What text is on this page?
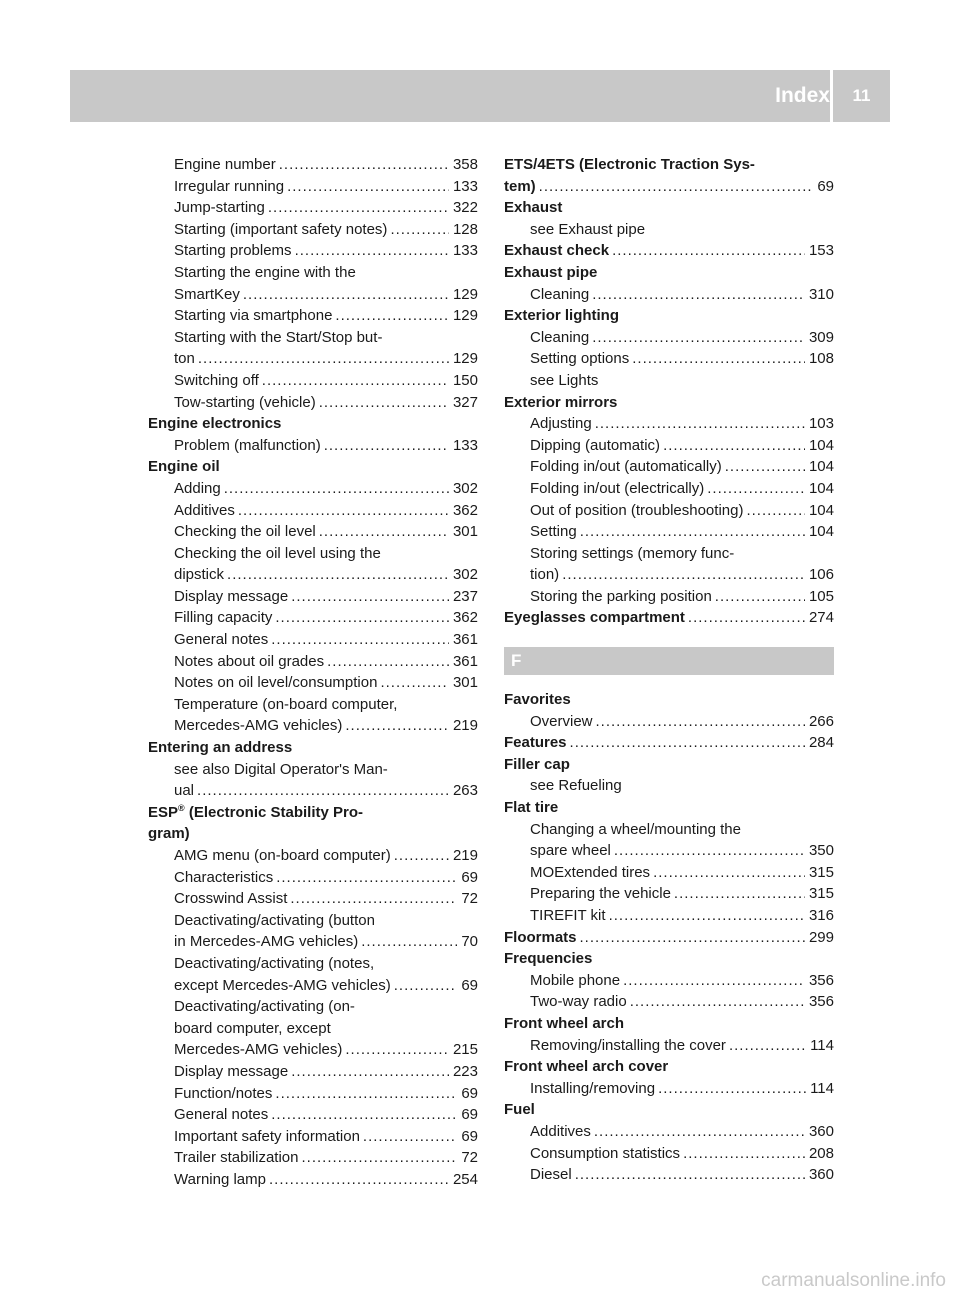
Index	11
Engine number .....	358
Irregular running .....	133
Jump-starting .....	322
Starting (important safety notes) .....	128
Starting problems .....	133
Starting the engine with the
SmartKey .....	129
Starting via smartphone .....	129
Starting with the Start/Stop but-
ton .....	129
Switching off .....	150
Tow-starting (vehicle) .....	327
Engine electronics
Problem (malfunction) .....	133
Engine oil
Adding .....	302
Additives .....	362
Checking the oil level .....	301
Checking the oil level using the
dipstick .....	302
Display message .....	237
Filling capacity .....	362
General notes .....	361
Notes about oil grades .....	361
Notes on oil level/consumption .....	301
Temperature (on-board computer,
Mercedes-AMG vehicles) .....	219
Entering an address
see also Digital Operator's Man-
ual .....	263
ESP® (Electronic Stability Pro-
gram)
AMG menu (on-board computer) .....	219
Characteristics .....	69
Crosswind Assist .....	72
Deactivating/activating (button
in Mercedes-AMG vehicles) .....	70
Deactivating/activating (notes,
except Mercedes-AMG vehicles) .....	69
Deactivating/activating (on-
board computer, except
Mercedes-AMG vehicles) .....	215
Display message .....	223
Function/notes .....	69
General notes .....	69
Important safety information .....	69
Trailer stabilization .....	72
Warning lamp .....	254
ETS/4ETS (Electronic Traction Sys-
tem) .....	69
Exhaust
see Exhaust pipe
Exhaust check .....	153
Exhaust pipe
Cleaning .....	310
Exterior lighting
Cleaning .....	309
Setting options .....	108
see Lights
Exterior mirrors
Adjusting .....	103
Dipping (automatic) .....	104
Folding in/out (automatically) .....	104
Folding in/out (electrically) .....	104
Out of position (troubleshooting) .....	104
Setting .....	104
Storing settings (memory func-
tion) .....	106
Storing the parking position .....	105
Eyeglasses compartment .....	274
F
Favorites
Overview .....	266
Features .....	284
Filler cap
see Refueling
Flat tire
Changing a wheel/mounting the
spare wheel .....	350
MOExtended tires .....	315
Preparing the vehicle .....	315
TIREFIT kit .....	316
Floormats .....	299
Frequencies
Mobile phone .....	356
Two-way radio .....	356
Front wheel arch
Removing/installing the cover .....	114
Front wheel arch cover
Installing/removing .....	114
Fuel
Additives .....	360
Consumption statistics .....	208
Diesel .....	360
carmanualsonline.info
